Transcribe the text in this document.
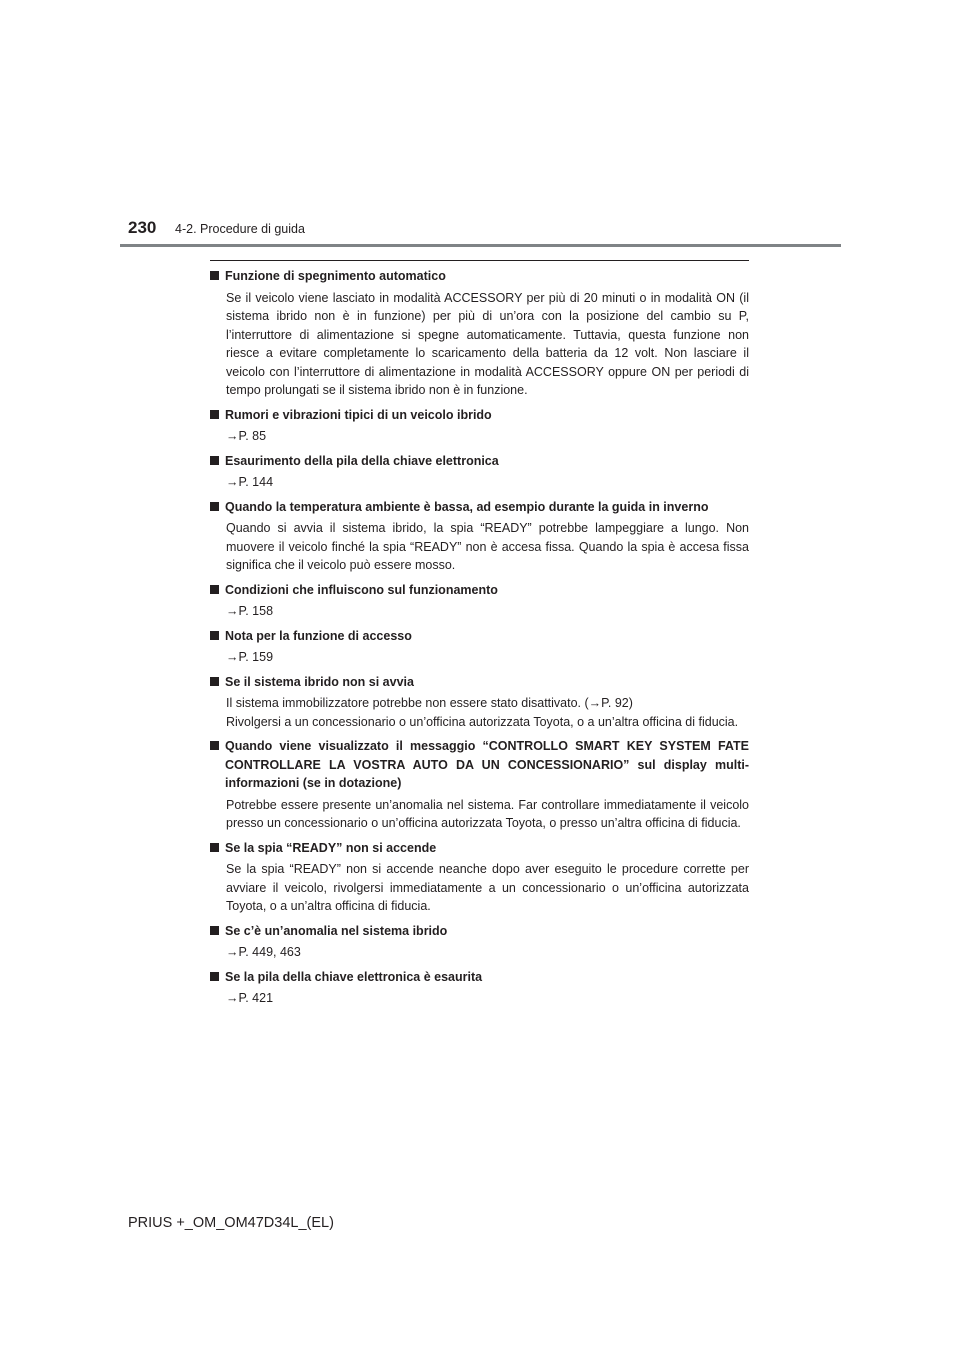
230 4-2. Procedure di guida
Funzione di spegnimento automatico
Se il veicolo viene lasciato in modalità ACCESSORY per più di 20 minuti o in modalità ON (il sistema ibrido non è in funzione) per più di un’ora con la posizione del cambio su P, l’interruttore di alimentazione si spegne automaticamente. Tuttavia, questa funzione non riesce a evitare completamente lo scaricamento della batteria da 12 volt. Non lasciare il veicolo con l’interruttore di alimentazione in modalità ACCESSORY oppure ON per periodi di tempo prolungati se il sistema ibrido non è in funzione.
Rumori e vibrazioni tipici di un veicolo ibrido
→P. 85
Esaurimento della pila della chiave elettronica
→P. 144
Quando la temperatura ambiente è bassa, ad esempio durante la guida in inverno
Quando si avvia il sistema ibrido, la spia “READY” potrebbe lampeggiare a lungo. Non muovere il veicolo finché la spia “READY” non è accesa fissa. Quando la spia è accesa fissa significa che il veicolo può essere mosso.
Condizioni che influiscono sul funzionamento
→P. 158
Nota per la funzione di accesso
→P. 159
Se il sistema ibrido non si avvia
Il sistema immobilizzatore potrebbe non essere stato disattivato. (→P. 92)
Rivolgersi a un concessionario o un’officina autorizzata Toyota, o a un’altra officina di fiducia.
Quando viene visualizzato il messaggio “CONTROLLO SMART KEY SYSTEM FATE CONTROLLARE LA VOSTRA AUTO DA UN CONCESSIONARIO” sul display multi-informazioni (se in dotazione)
Potrebbe essere presente un’anomalia nel sistema. Far controllare immediatamente il veicolo presso un concessionario o un’officina autorizzata Toyota, o presso un’altra officina di fiducia.
Se la spia “READY” non si accende
Se la spia “READY” non si accende neanche dopo aver eseguito le procedure corrette per avviare il veicolo, rivolgersi immediatamente a un concessionario o un’officina autorizzata Toyota, o a un’altra officina di fiducia.
Se c’è un’anomalia nel sistema ibrido
→P. 449, 463
Se la pila della chiave elettronica è esaurita
→P. 421
PRIUS +_OM_OM47D34L_(EL)
